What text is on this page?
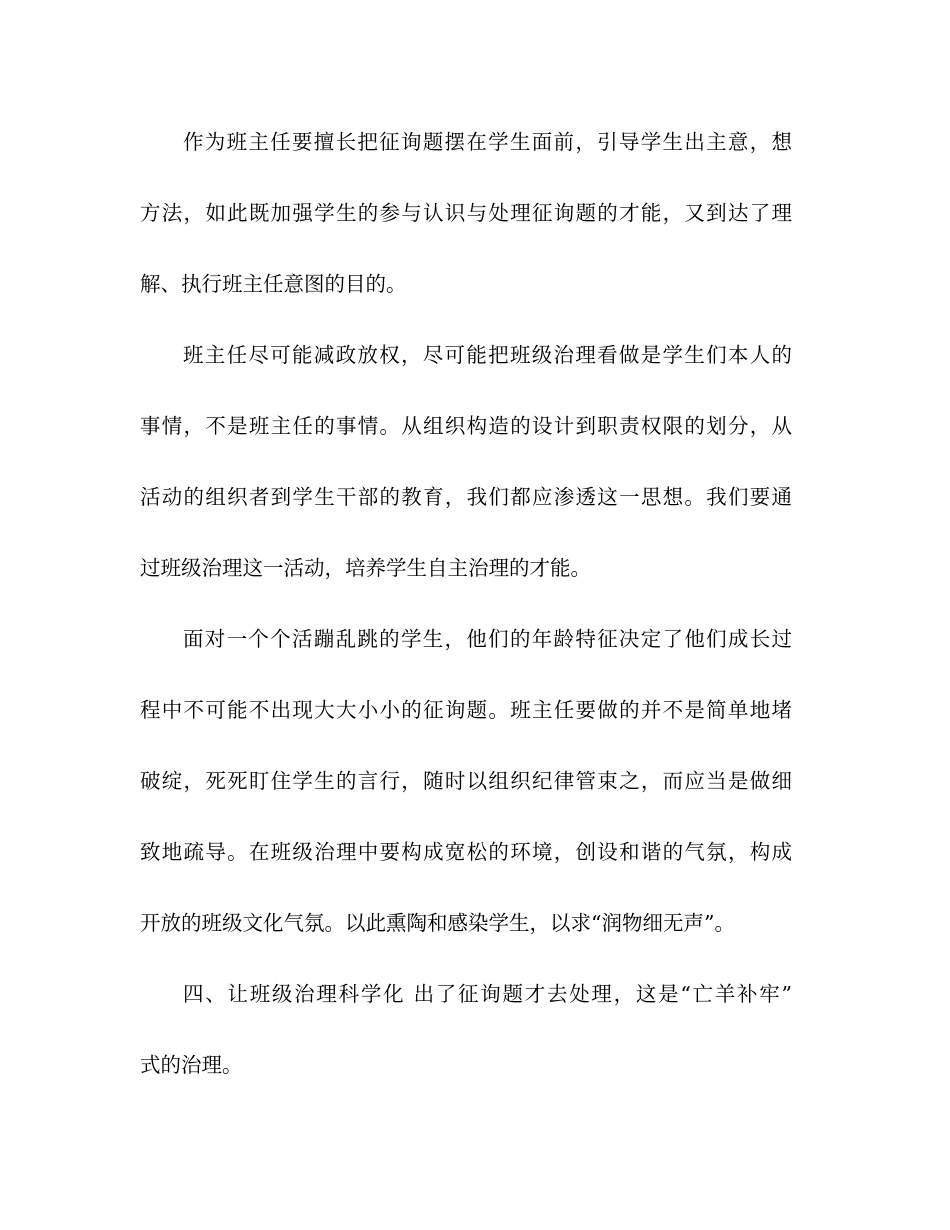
作为班主任要擅长把征询题摆在学生面前，引导学生出主意，想
方法，如此既加强学生的参与认识与处理征询题的才能，又到达了理
解、执行班主任意图的目的。
班主任尽可能减政放权，尽可能把班级治理看做是学生们本人的
事情，不是班主任的事情。从组织构造的设计到职责权限的划分，从
活动的组织者到学生干部的教育，我们都应渗透这一思想。我们要通
过班级治理这一活动，培养学生自主治理的才能。
面对一个个活蹦乱跳的学生，他们的年龄特征决定了他们成长过
程中不可能不出现大大小小的征询题。班主任要做的并不是简单地堵
破绽，死死盯住学生的言行，随时以组织纪律管束之，而应当是做细
致地疏导。在班级治理中要构成宽松的环境，创设和谐的气氛，构成
开放的班级文化气氛。以此熏陶和感染学生，以求“润物细无声”。
四、让班级治理科学化 出了征询题才去处理，这是“亡羊补牢”
式的治理。
